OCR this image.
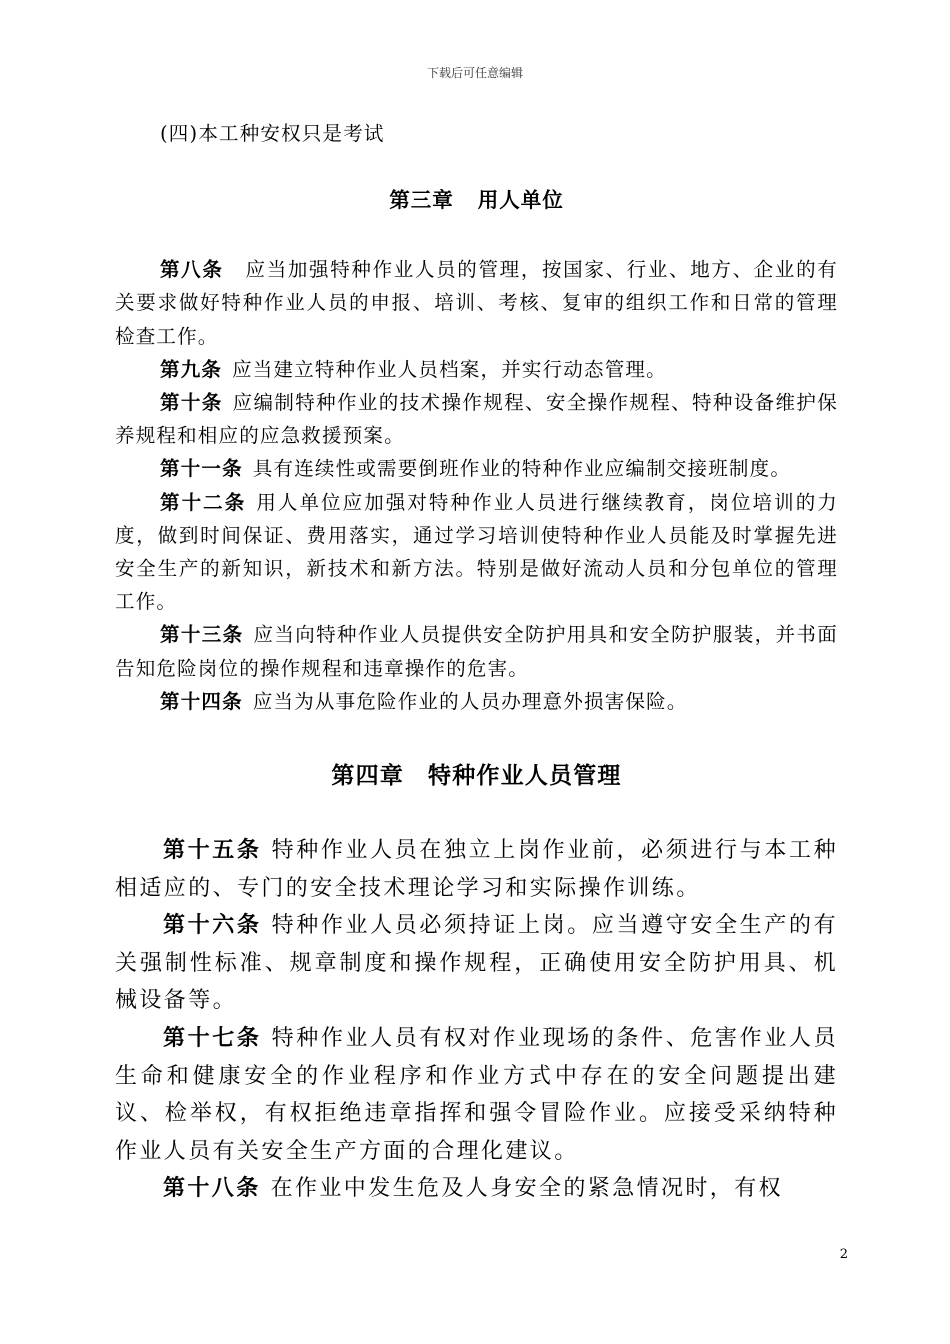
下载后可任意编辑

(四)本工种安权只是考试

第三章 用人单位

第八条 应当加强特种作业人员的管理，按国家、行业、地方、企业的有关要求做好特种作业人员的申报、培训、考核、复审的组织工作和日常的管理检查工作。

第九条 应当建立特种作业人员档案，并实行动态管理。

第十条 应编制特种作业的技术操作规程、安全操作规程、特种设备维护保养规程和相应的应急救援预案。

第十一条 具有连续性或需要倒班作业的特种作业应编制交接班制度。

第十二条 用人单位应加强对特种作业人员进行继续教育，岗位培训的力度，做到时间保证、费用落实，通过学习培训使特种作业人员能及时掌握先进安全生产的新知识，新技术和新方法。特别是做好流动人员和分包单位的管理工作。

第十三条 应当向特种作业人员提供安全防护用具和安全防护服装，并书面告知危险岗位的操作规程和违章操作的危害。

第十四条 应当为从事危险作业的人员办理意外损害保险。

第四章 特种作业人员管理

第十五条 特种作业人员在独立上岗作业前，必须进行与本工种相适应的、专门的安全技术理论学习和实际操作训练。

第十六条 特种作业人员必须持证上岗。应当遵守安全生产的有关强制性标准、规章制度和操作规程，正确使用安全防护用具、机械设备等。

第十七条 特种作业人员有权对作业现场的条件、危害作业人员生命和健康安全的作业程序和作业方式中存在的安全问题提出建议、检举权，有权拒绝违章指挥和强令冒险作业。应接受采纳特种作业人员有关安全生产方面的合理化建议。

第十八条 在作业中发生危及人身安全的紧急情况时，有权

2
